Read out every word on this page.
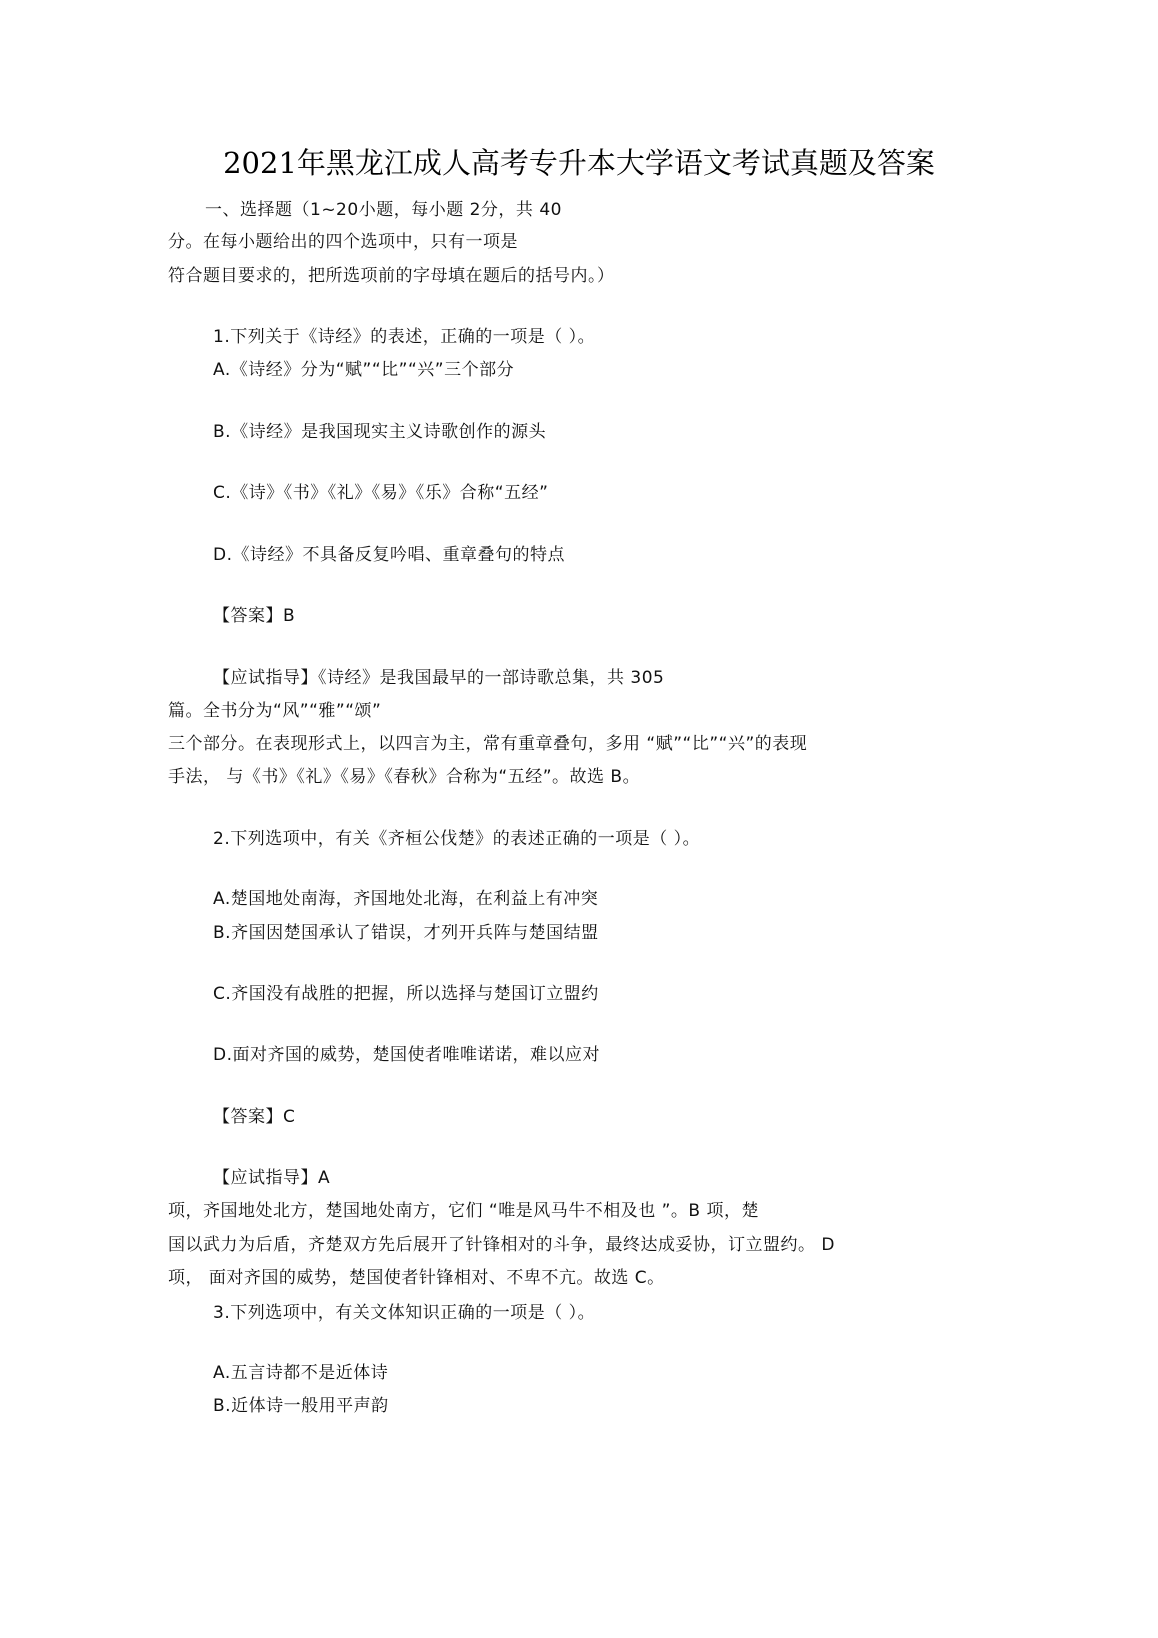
2021年黑龙江成人高考专升本大学语文考试真题及答案
一、选择题（1~20小题，每小题 2分，共 40
分。在每小题给出的四个选项中，只有一项是
符合题目要求的，把所选项前的字母填在题后的括号内。）
1.下列关于《诗经》的表述，正确的一项是（ ）。
A.《诗经》分为“赋”“比”“兴”三个部分
B.《诗经》是我国现实主义诗歌创作的源头
C.《诗》《书》《礼》《易》《乐》合称“五经”
D.《诗经》不具备反复吟唱、重章叠句的特点
【答案】B
【应试指导】《诗经》是我国最早的一部诗歌总集，共 305
篇。全书分为“风”“雅”“颂”
三个部分。在表现形式上，以四言为主，常有重章叠句，多用 “赋”“比”“兴”的表现
手法， 与《书》《礼》《易》《春秋》合称为“五经”。故选 B。
2.下列选项中，有关《齐桓公伐楚》的表述正确的一项是（ ）。
A.楚国地处南海，齐国地处北海，在利益上有冲突
B.齐国因楚国承认了错误，才列开兵阵与楚国结盟
C.齐国没有战胜的把握，所以选择与楚国订立盟约
D.面对齐国的威势，楚国使者唯唯诺诺，难以应对
【答案】C
【应试指导】A
项，齐国地处北方，楚国地处南方，它们 “唯是风马牛不相及也 ”。B 项，楚
国以武力为后盾，齐楚双方先后展开了针锋相对的斗争，最终达成妥协，订立盟约。 D
项， 面对齐国的威势，楚国使者针锋相对、不卑不亢。故选 C。
3.下列选项中，有关文体知识正确的一项是（ ）。
A.五言诗都不是近体诗
B.近体诗一般用平声韵
